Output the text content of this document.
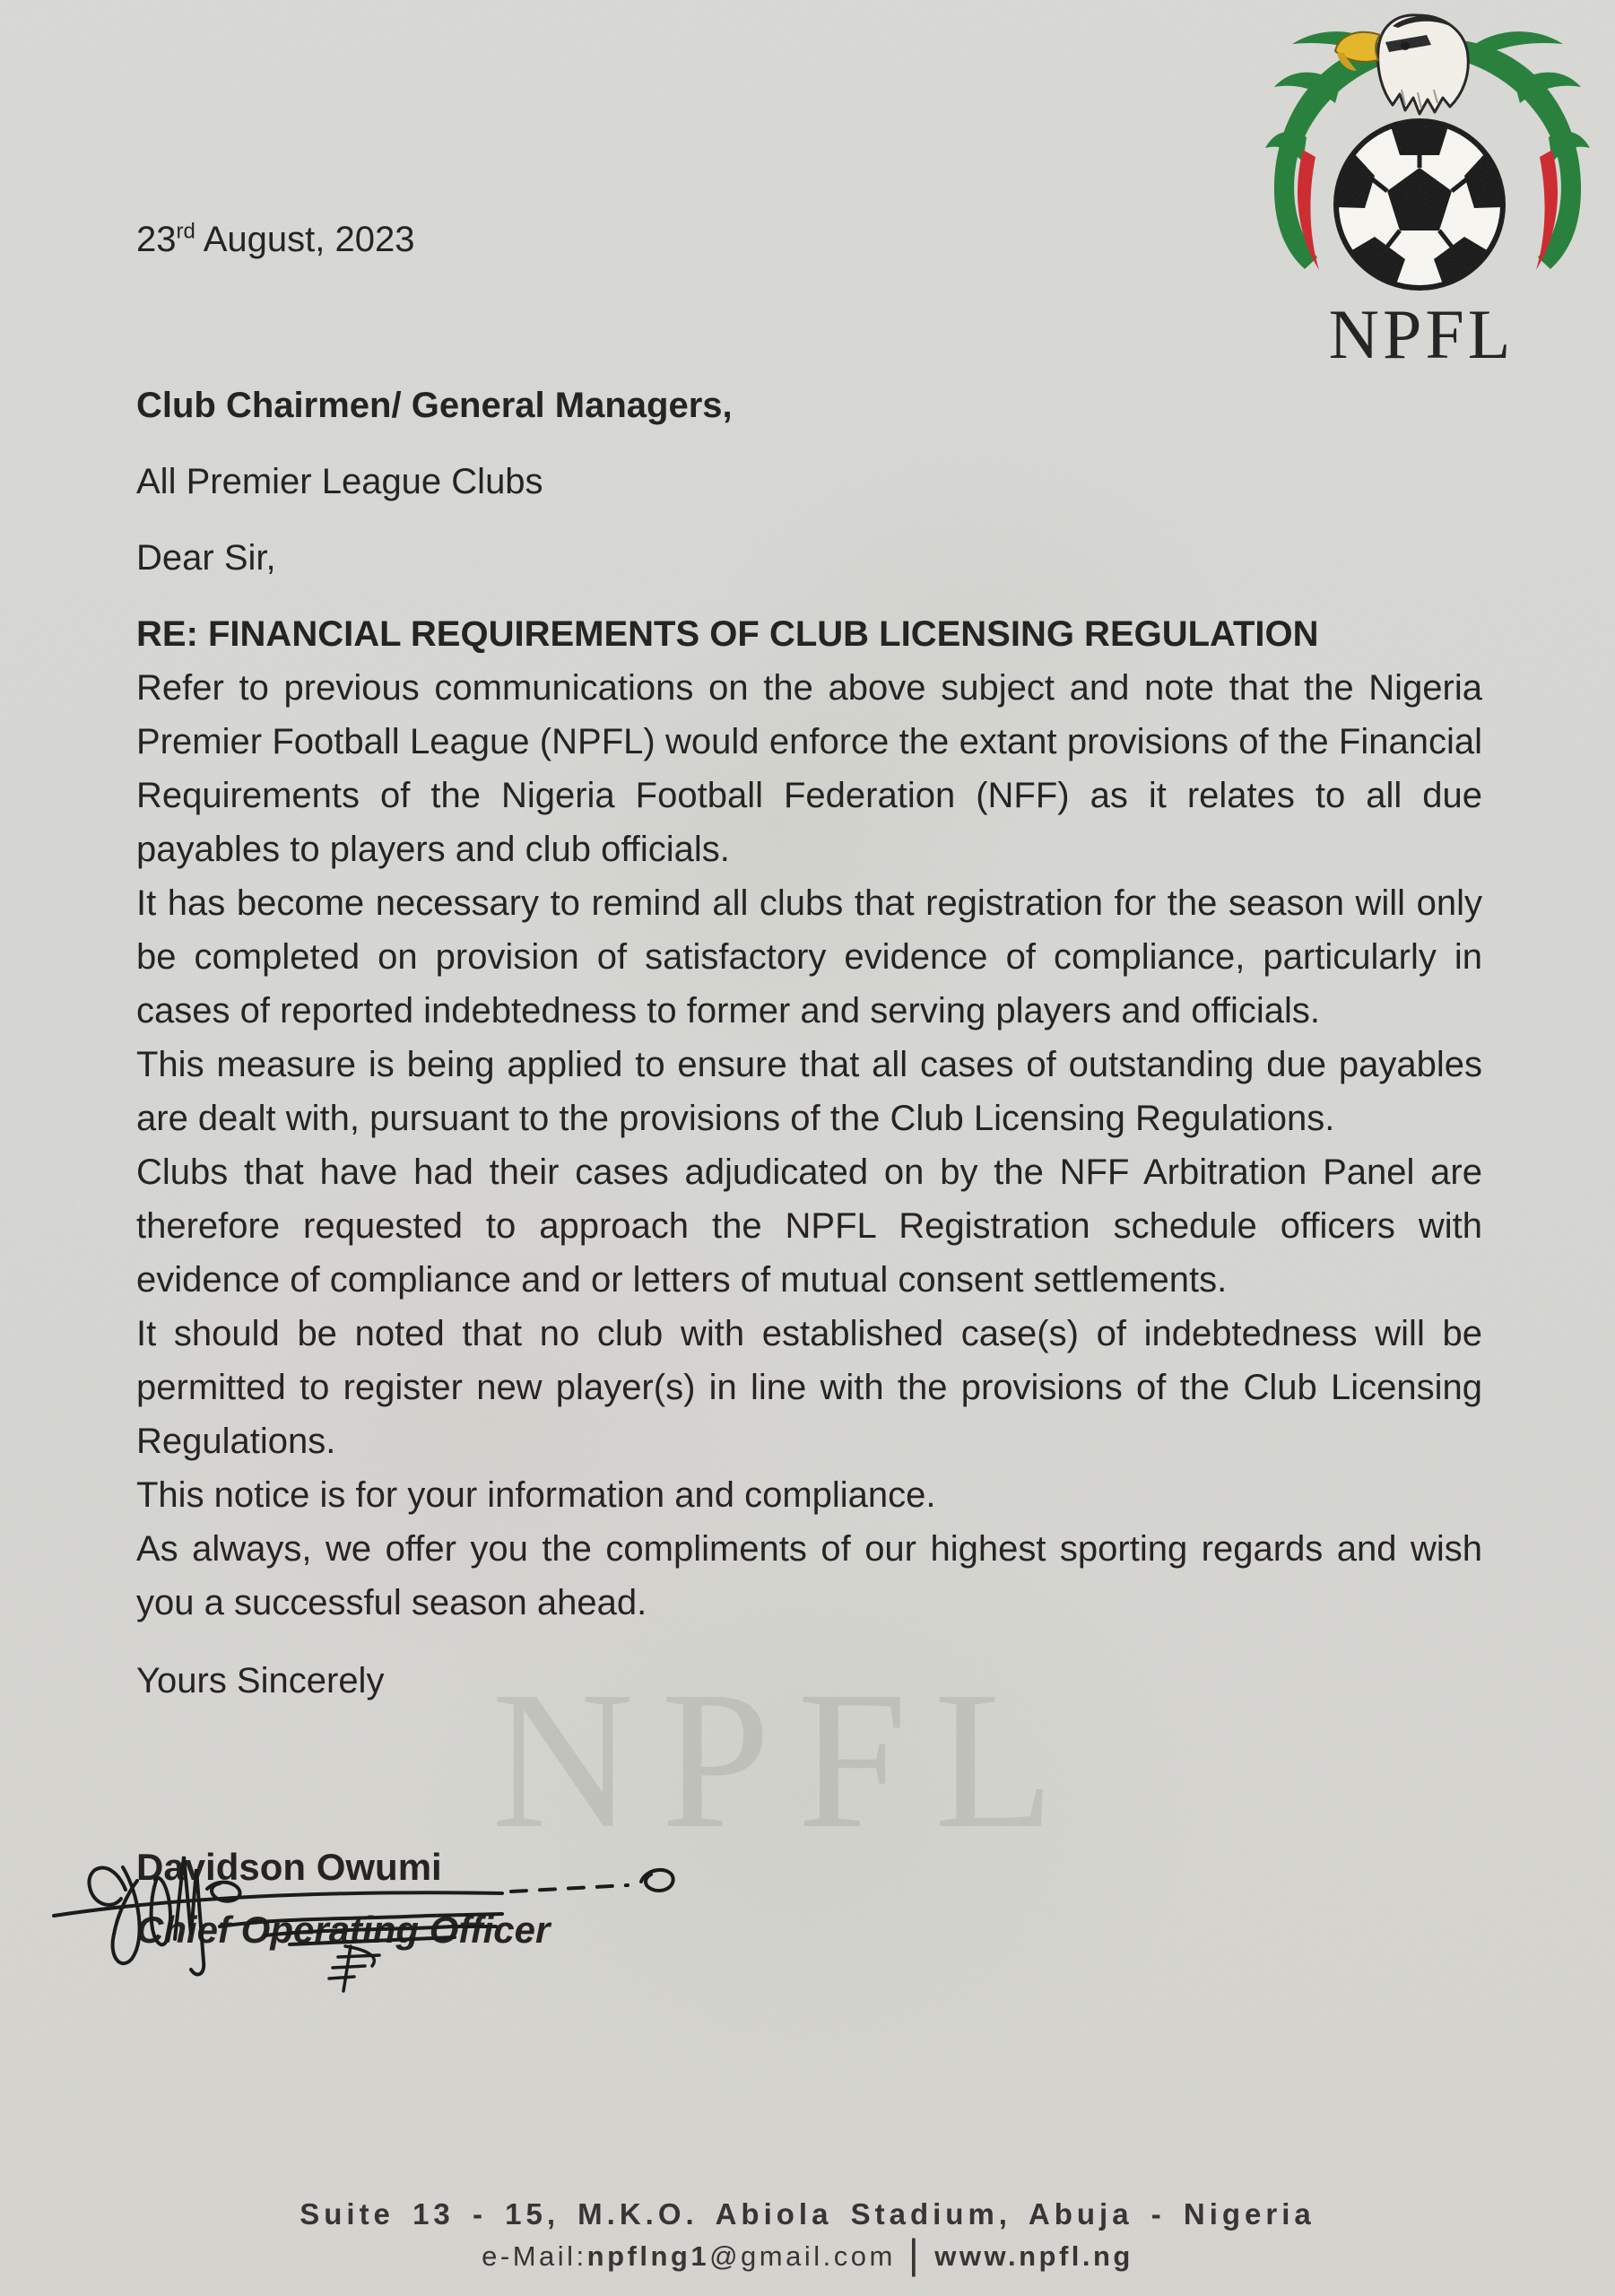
NPFL
NPFL
23rd August, 2023
Club Chairmen/ General Managers,
All Premier League Clubs
Dear Sir,
RE: FINANCIAL REQUIREMENTS OF CLUB LICENSING REGULATION

Refer to previous communications on the above subject and note that the Nigeria Premier Football League (NPFL) would enforce the extant provisions of the Financial Requirements of the Nigeria Football Federation (NFF) as it relates to all due payables to players and club officials.

It has become necessary to remind all clubs that registration for the season will only be completed on provision of satisfactory evidence of compliance, particularly in cases of reported indebtedness to former and serving players and officials.

This measure is being applied to ensure that all cases of outstanding due payables are dealt with, pursuant to the provisions of the Club Licensing Regulations.

Clubs that have had their cases adjudicated on by the NFF Arbitration Panel are therefore requested to approach the NPFL Registration schedule officers with evidence of compliance and or letters of mutual consent settlements.

It should be noted that no club with established case(s) of indebtedness will be permitted to register new player(s) in line with the provisions of the Club Licensing Regulations.

This notice is for your information and compliance.

As always, we offer you the compliments of our highest sporting regards and wish you a successful season ahead.

Yours Sincerely
Davidson Owumi
Chief Operating Officer
Suite 13 - 15, M.K.O. Abiola Stadium, Abuja - Nigeria
e-Mail:npflng1@gmail.com | www.npfl.ng
